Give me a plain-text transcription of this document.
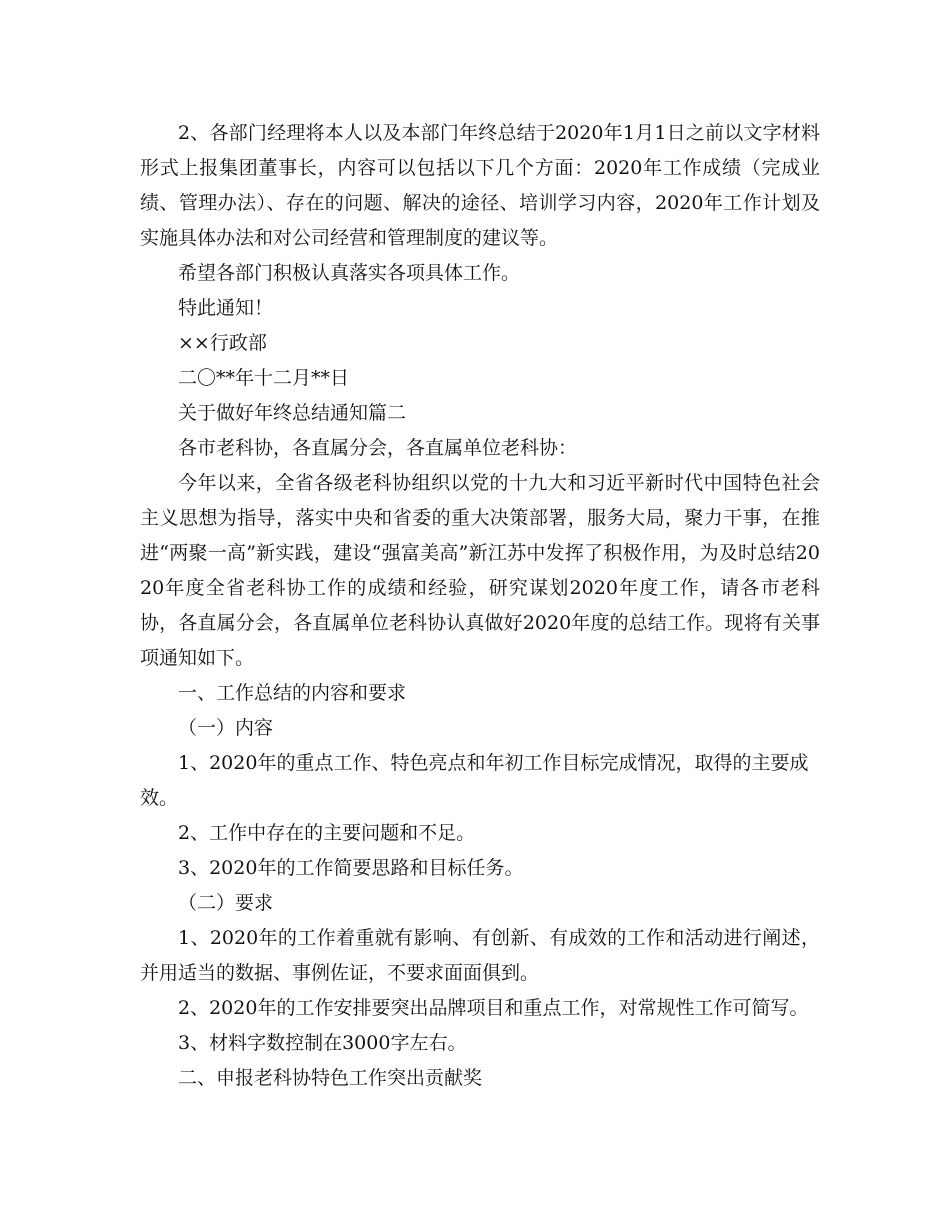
2、各部门经理将本人以及本部门年终总结于2020年1月1日之前以文字材料形式上报集团董事长，内容可以包括以下几个方面：2020年工作成绩（完成业绩、管理办法）、存在的问题、解决的途径、培训学习内容，2020年工作计划及实施具体办法和对公司经营和管理制度的建议等。

希望各部门积极认真落实各项具体工作。

特此通知！

××行政部

二〇**年十二月**日

关于做好年终总结通知篇二

各市老科协，各直属分会，各直属单位老科协：

今年以来，全省各级老科协组织以党的十九大和习近平新时代中国特色社会主义思想为指导，落实中央和省委的重大决策部署，服务大局，聚力干事，在推进“两聚一高”新实践，建设“强富美高”新江苏中发挥了积极作用，为及时总结2020年度全省老科协工作的成绩和经验，研究谋划2020年度工作，请各市老科协，各直属分会，各直属单位老科协认真做好2020年度的总结工作。现将有关事项通知如下。

一、工作总结的内容和要求

（一）内容

1、2020年的重点工作、特色亮点和年初工作目标完成情况，取得的主要成效。

2、工作中存在的主要问题和不足。

3、2020年的工作简要思路和目标任务。

（二）要求

1、2020年的工作着重就有影响、有创新、有成效的工作和活动进行阐述，并用适当的数据、事例佐证，不要求面面俱到。

2、2020年的工作安排要突出品牌项目和重点工作，对常规性工作可简写。

3、材料字数控制在3000字左右。

二、申报老科协特色工作突出贡献奖
